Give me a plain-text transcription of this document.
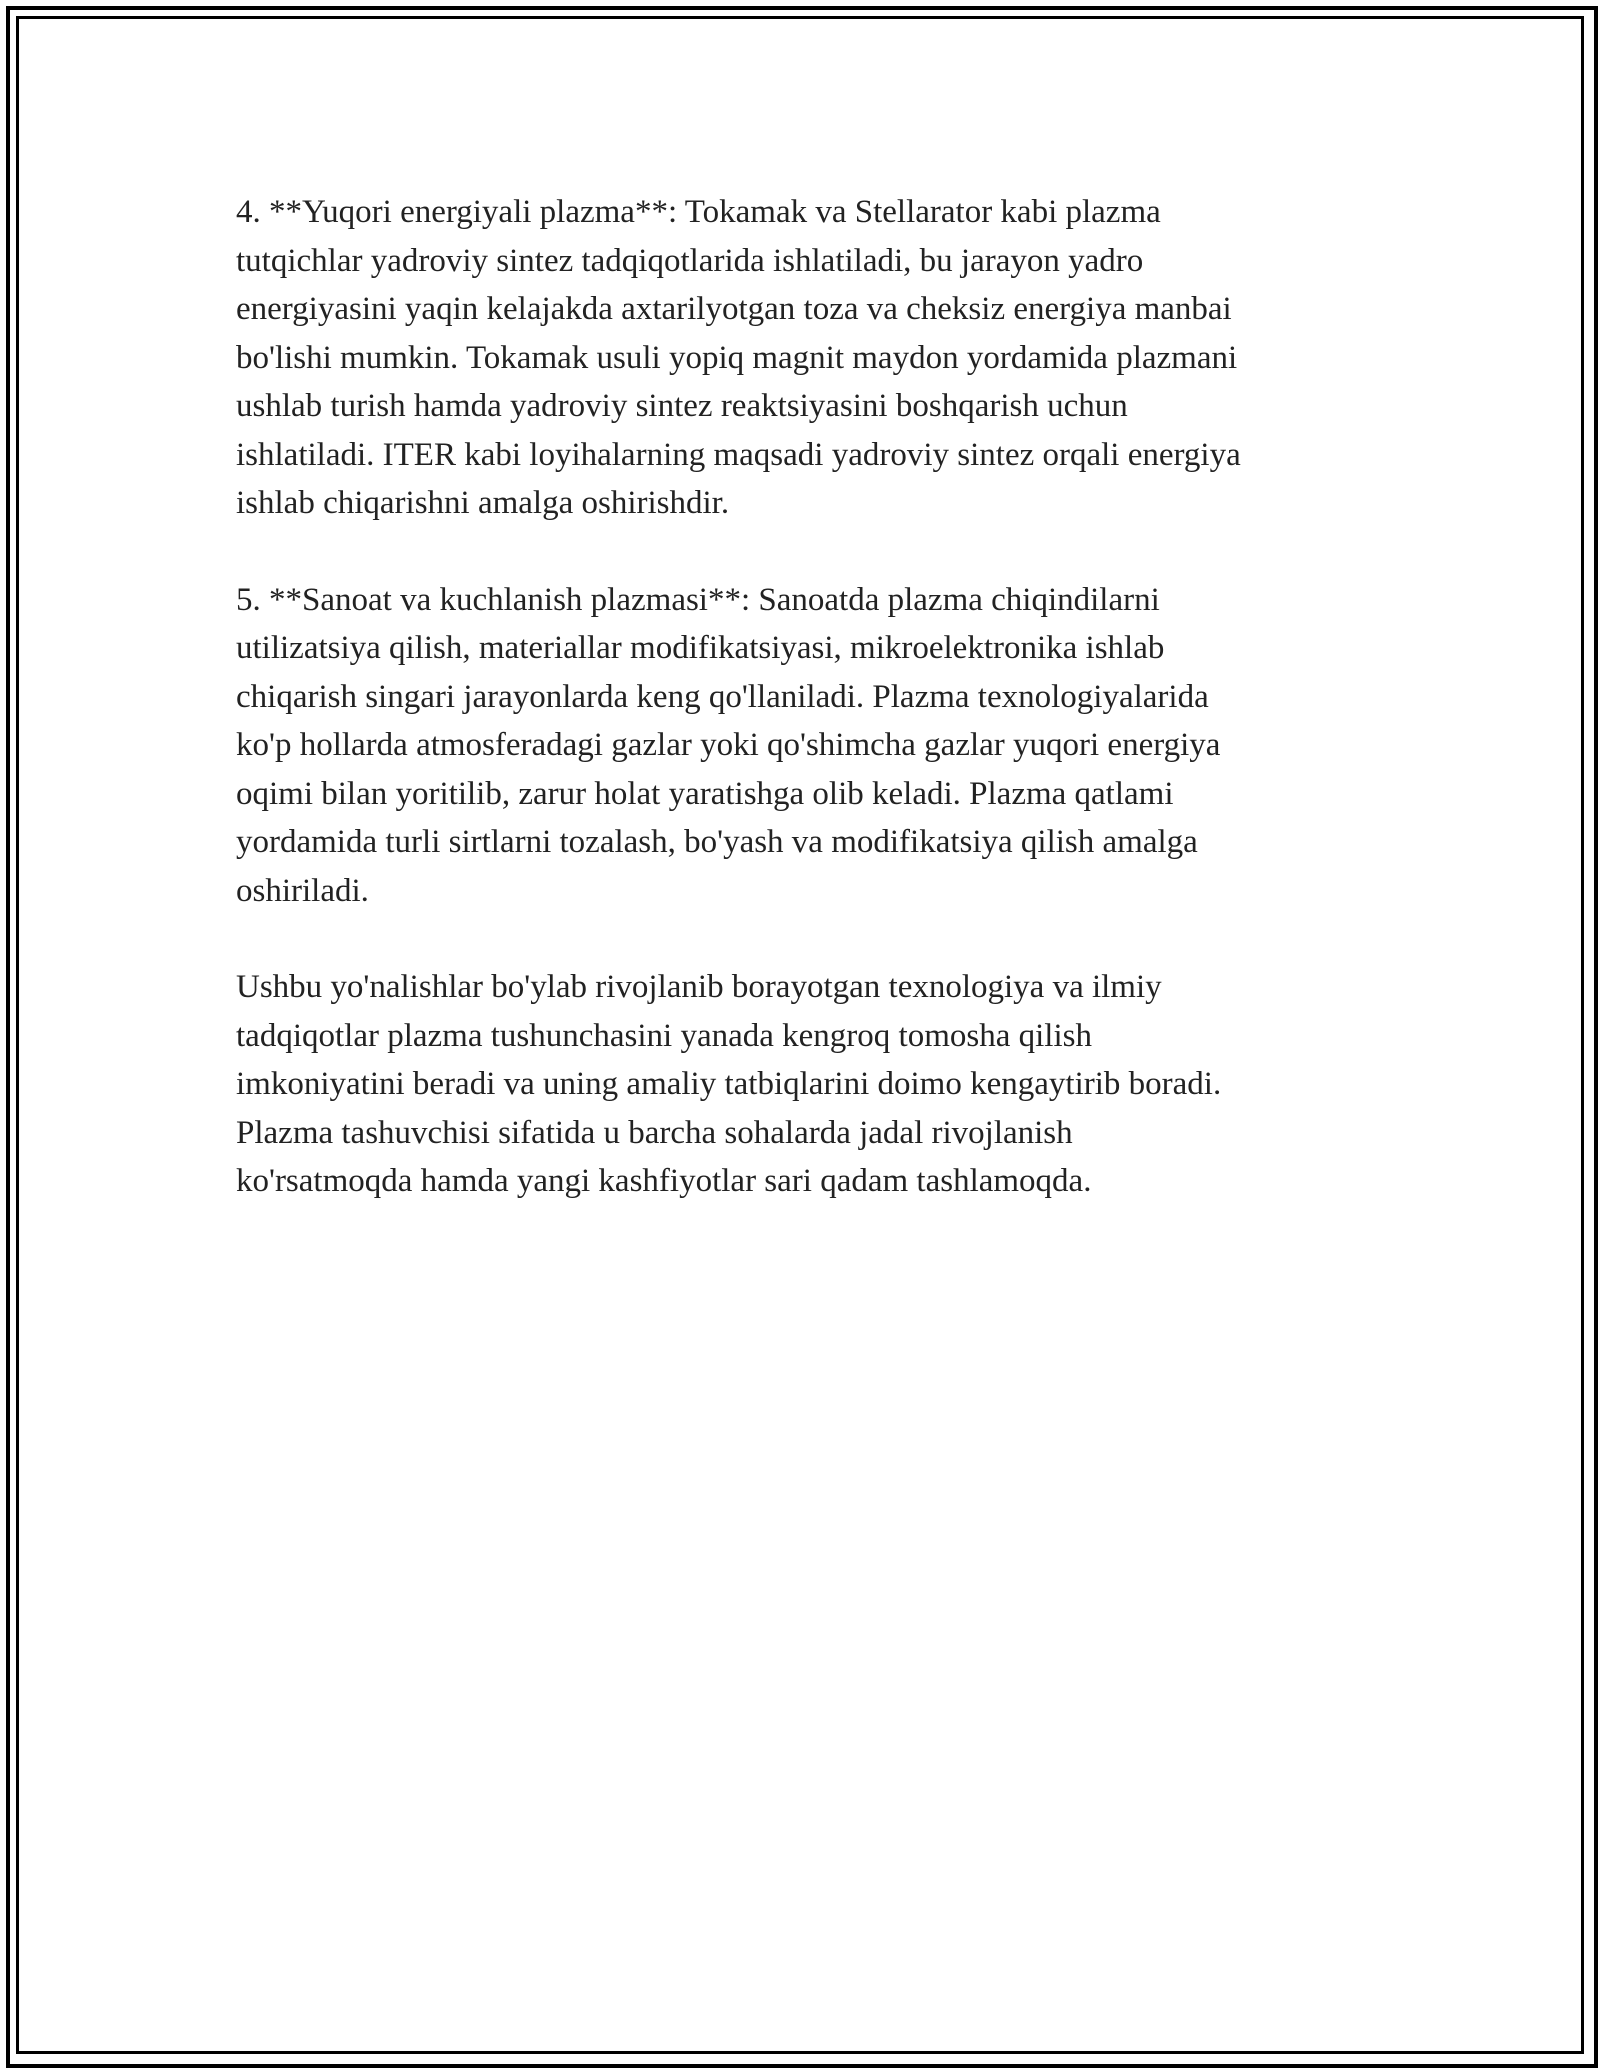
4. **Yuqori energiyali plazma**: Tokamak va Stellarator kabi plazma
tutqichlar yadroviy sintez tadqiqotlarida ishlatiladi, bu jarayon yadro
energiyasini yaqin kelajakda axtarilyotgan toza va cheksiz energiya manbai
bo'lishi mumkin. Tokamak usuli yopiq magnit maydon yordamida plazmani
ushlab turish hamda yadroviy sintez reaktsiyasini boshqarish uchun
ishlatiladi. ITER kabi loyihalarning maqsadi yadroviy sintez orqali energiya
ishlab chiqarishni amalga oshirishdir.

5. **Sanoat va kuchlanish plazmasi**: Sanoatda plazma chiqindilarni
utilizatsiya qilish, materiallar modifikatsiyasi, mikroelektronika ishlab
chiqarish singari jarayonlarda keng qo'llaniladi. Plazma texnologiyalarida
ko'p hollarda atmosferadagi gazlar yoki qo'shimcha gazlar yuqori energiya
oqimi bilan yoritilib, zarur holat yaratishga olib keladi. Plazma qatlami
yordamida turli sirtlarni tozalash, bo'yash va modifikatsiya qilish amalga
oshiriladi.

Ushbu yo'nalishlar bo'ylab rivojlanib borayotgan texnologiya va ilmiy
tadqiqotlar plazma tushunchasini yanada kengroq tomosha qilish
imkoniyatini beradi va uning amaliy tatbiqlarini doimo kengaytirib boradi.
Plazma tashuvchisi sifatida u barcha sohalarda jadal rivojlanish
ko'rsatmoqda hamda yangi kashfiyotlar sari qadam tashlamoqda.
